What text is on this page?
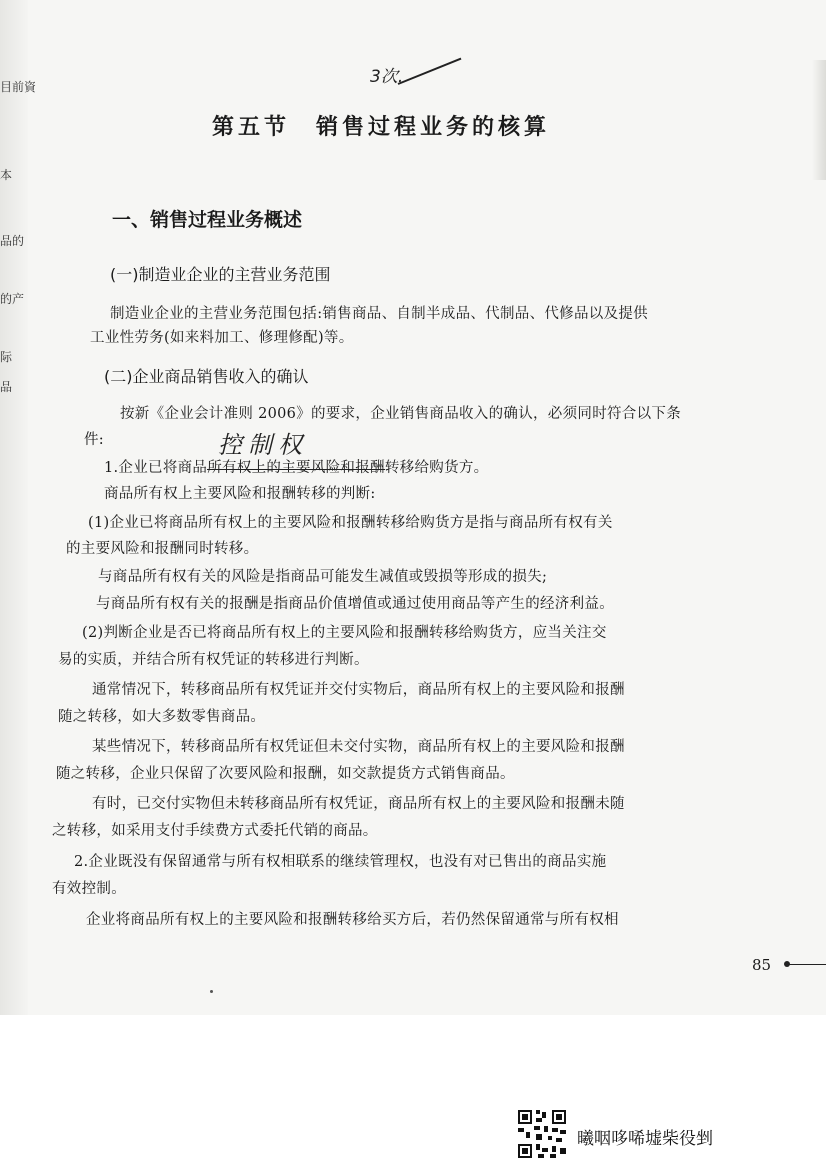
目前資
本
品的
的产
际
品
3次.
第五节　销售过程业务的核算
一、销售过程业务概述
(一)制造业企业的主营业务范围
制造业企业的主营业务范围包括:销售商品、自制半成品、代制品、代修品以及提供
工业性劳务(如来料加工、修理修配)等。
(二)企业商品销售收入的确认
按新《企业会计准则 2006》的要求，企业销售商品收入的确认，必须同时符合以下条
件:	控制权
1.企业已将商品所有权上的主要风险和报酬转移给购货方。
商品所有权上主要风险和报酬转移的判断:
(1)企业已将商品所有权上的主要风险和报酬转移给购货方是指与商品所有权有关
的主要风险和报酬同时转移。
与商品所有权有关的风险是指商品可能发生减值或毁损等形成的损失;
与商品所有权有关的报酬是指商品价值增值或通过使用商品等产生的经济利益。
(2)判断企业是否已将商品所有权上的主要风险和报酬转移给购货方，应当关注交
易的实质，并结合所有权凭证的转移进行判断。
通常情况下，转移商品所有权凭证并交付实物后，商品所有权上的主要风险和报酬
随之转移，如大多数零售商品。
某些情况下，转移商品所有权凭证但未交付实物，商品所有权上的主要风险和报酬
随之转移，企业只保留了次要风险和报酬，如交款提货方式销售商品。
有时，已交付实物但未转移商品所有权凭证，商品所有权上的主要风险和报酬未随
之转移，如采用支付手续费方式委托代销的商品。
2.企业既没有保留通常与所有权相联系的继续管理权，也没有对已售出的商品实施
有效控制。
企业将商品所有权上的主要风险和报酬转移给买方后，若仍然保留通常与所有权相
85
曦咽哆唏墟柴役剉
